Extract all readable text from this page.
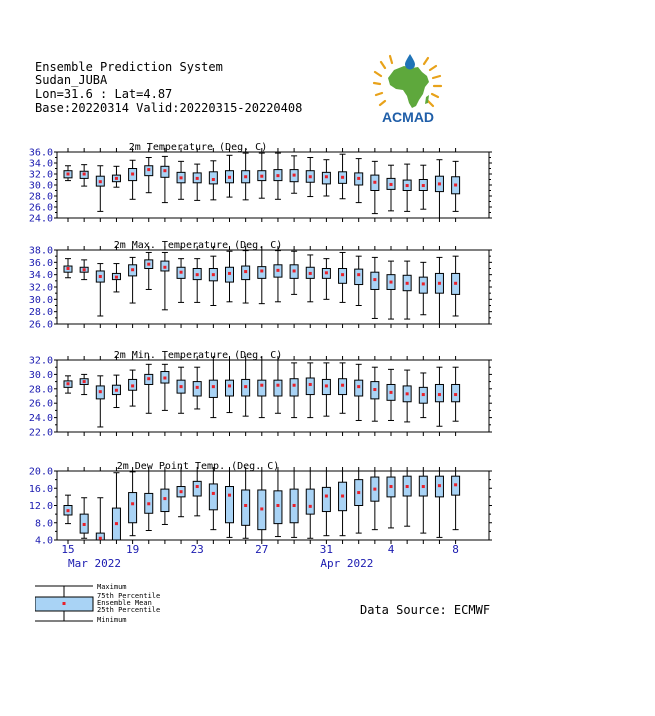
Ensemble Prediction System
Sudan_JUBA
Lon=31.6 : Lat=4.87
Base:20220314 Valid:20220315-20220408
ACMAD
2m Temperature (Deg. C)
24.0
26.0
28.0
30.0
32.0
34.0
36.0
2m Max. Temperature (Deg. C)
26.0
28.0
30.0
32.0
34.0
36.0
38.0
2m Min. Temperature (Deg. C)
22.0
24.0
26.0
28.0
30.0
32.0
2m Dew Point Temp. (Deg. C)
4.0
8.0
12.0
16.0
20.0
15	19	23	27	31	4	8
Mar 2022	Apr 2022
Maximum
75th Percentile
Ensemble Mean
25th Percentile
Minimum
Data Source: ECMWF
